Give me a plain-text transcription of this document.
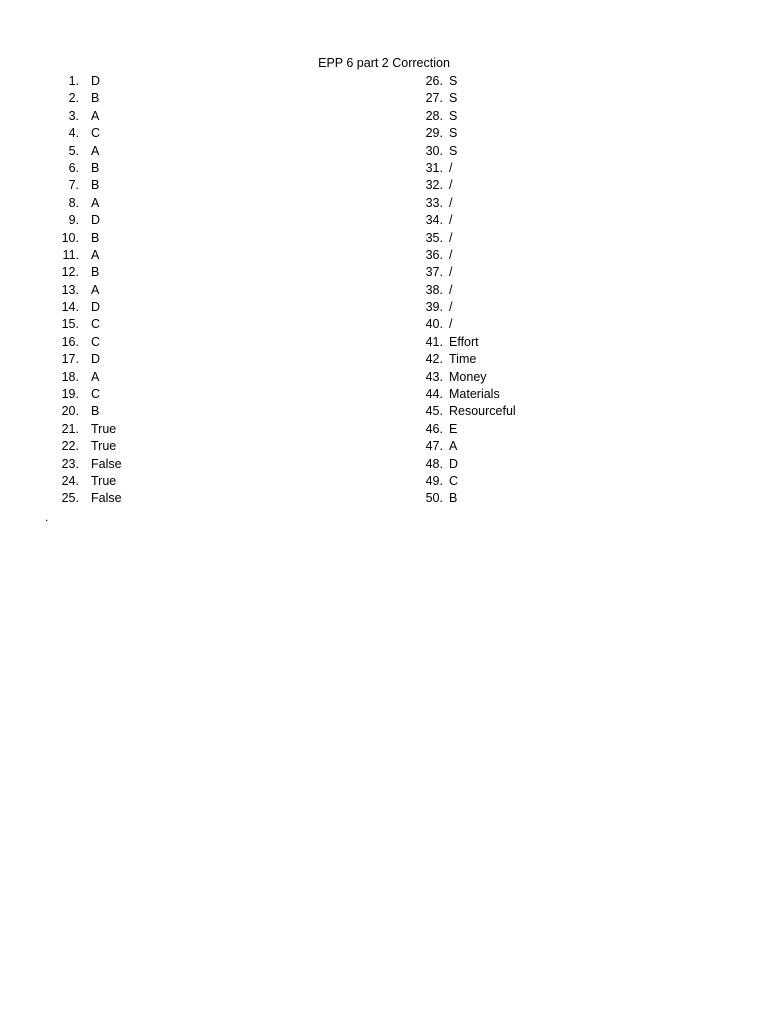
EPP 6 part 2 Correction
1. D
2. B
3. A
4. C
5. A
6. B
7. B
8. A
9. D
10. B
11. A
12. B
13. A
14. D
15. C
16. C
17. D
18. A
19. C
20. B
21. True
22. True
23. False
24. True
25. False
26. S
27. S
28. S
29. S
30. S
31. /
32. /
33. /
34. /
35. /
36. /
37. /
38. /
39. /
40. /
41. Effort
42. Time
43. Money
44. Materials
45. Resourceful
46. E
47. A
48. D
49. C
50. B
.
